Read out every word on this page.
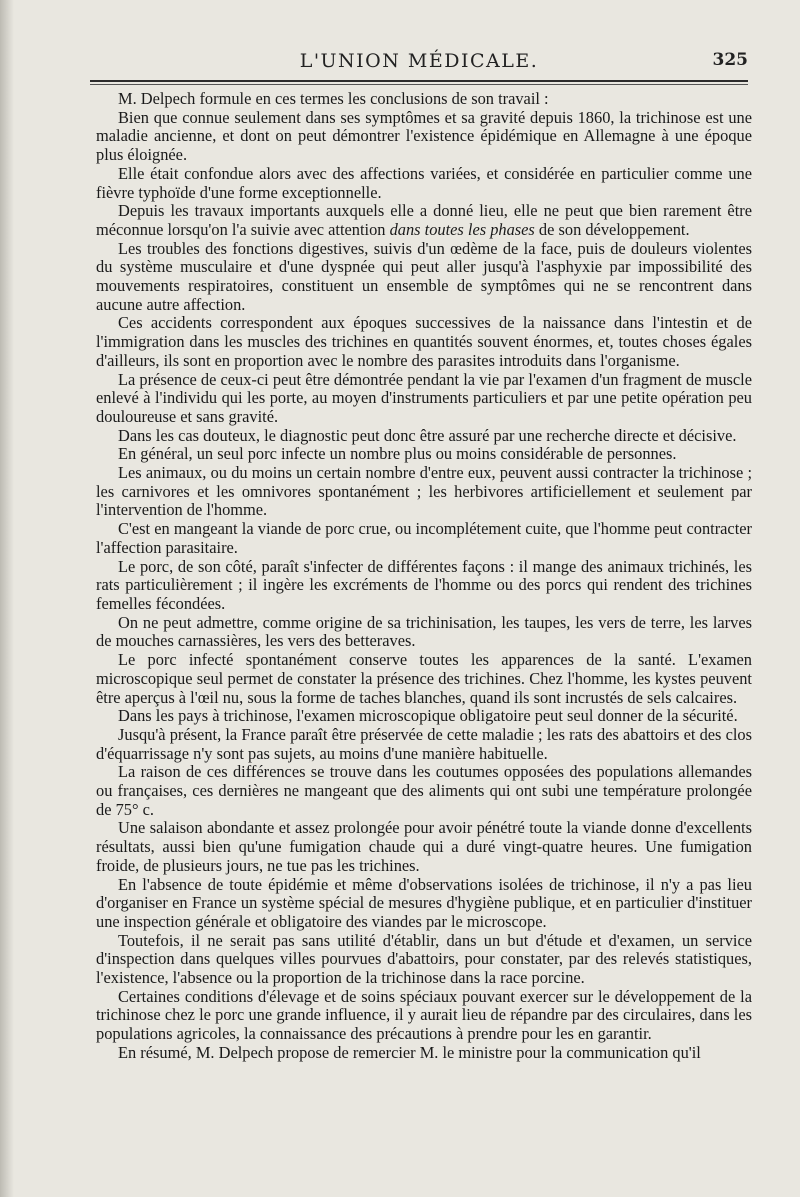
L'UNION MÉDICALE.	325

M. Delpech formule en ces termes les conclusions de son travail :

Bien que connue seulement dans ses symptômes et sa gravité depuis 1860, la trichinose est une maladie ancienne, et dont on peut démontrer l'existence épidémique en Allemagne à une époque plus éloignée.

Elle était confondue alors avec des affections variées, et considérée en particulier comme une fièvre typhoïde d'une forme exceptionnelle.

Depuis les travaux importants auxquels elle a donné lieu, elle ne peut que bien rarement être méconnue lorsqu'on l'a suivie avec attention dans toutes les phases de son développement.

Les troubles des fonctions digestives, suivis d'un œdème de la face, puis de douleurs violentes du système musculaire et d'une dyspnée qui peut aller jusqu'à l'asphyxie par impossibilité des mouvements respiratoires, constituent un ensemble de symptômes qui ne se rencontrent dans aucune autre affection.

Ces accidents correspondent aux époques successives de la naissance dans l'intestin et de l'immigration dans les muscles des trichines en quantités souvent énormes, et, toutes choses égales d'ailleurs, ils sont en proportion avec le nombre des parasites introduits dans l'organisme.

La présence de ceux-ci peut être démontrée pendant la vie par l'examen d'un fragment de muscle enlevé à l'individu qui les porte, au moyen d'instruments particuliers et par une petite opération peu douloureuse et sans gravité.

Dans les cas douteux, le diagnostic peut donc être assuré par une recherche directe et décisive.

En général, un seul porc infecte un nombre plus ou moins considérable de personnes.

Les animaux, ou du moins un certain nombre d'entre eux, peuvent aussi contracter la trichinose ; les carnivores et les omnivores spontanément ; les herbivores artificiellement et seulement par l'intervention de l'homme.

C'est en mangeant la viande de porc crue, ou incomplétement cuite, que l'homme peut contracter l'affection parasitaire.

Le porc, de son côté, paraît s'infecter de différentes façons : il mange des animaux trichinés, les rats particulièrement ; il ingère les excréments de l'homme ou des porcs qui rendent des trichines femelles fécondées.

On ne peut admettre, comme origine de sa trichinisation, les taupes, les vers de terre, les larves de mouches carnassières, les vers des betteraves.

Le porc infecté spontanément conserve toutes les apparences de la santé. L'examen microscopique seul permet de constater la présence des trichines. Chez l'homme, les kystes peuvent être aperçus à l'œil nu, sous la forme de taches blanches, quand ils sont incrustés de sels calcaires.

Dans les pays à trichinose, l'examen microscopique obligatoire peut seul donner de la sécurité.

Jusqu'à présent, la France paraît être préservée de cette maladie ; les rats des abattoirs et des clos d'équarrissage n'y sont pas sujets, au moins d'une manière habituelle.

La raison de ces différences se trouve dans les coutumes opposées des populations allemandes ou françaises, ces dernières ne mangeant que des aliments qui ont subi une température prolongée de 75° c.

Une salaison abondante et assez prolongée pour avoir pénétré toute la viande donne d'excellents résultats, aussi bien qu'une fumigation chaude qui a duré vingt-quatre heures. Une fumigation froide, de plusieurs jours, ne tue pas les trichines.

En l'absence de toute épidémie et même d'observations isolées de trichinose, il n'y a pas lieu d'organiser en France un système spécial de mesures d'hygiène publique, et en particulier d'instituer une inspection générale et obligatoire des viandes par le microscope.

Toutefois, il ne serait pas sans utilité d'établir, dans un but d'étude et d'examen, un service d'inspection dans quelques villes pourvues d'abattoirs, pour constater, par des relevés statistiques, l'existence, l'absence ou la proportion de la trichinose dans la race porcine.

Certaines conditions d'élevage et de soins spéciaux pouvant exercer sur le développement de la trichinose chez le porc une grande influence, il y aurait lieu de répandre par des circulaires, dans les populations agricoles, la connaissance des précautions à prendre pour les en garantir.

En résumé, M. Delpech propose de remercier M. le ministre pour la communication qu'il
